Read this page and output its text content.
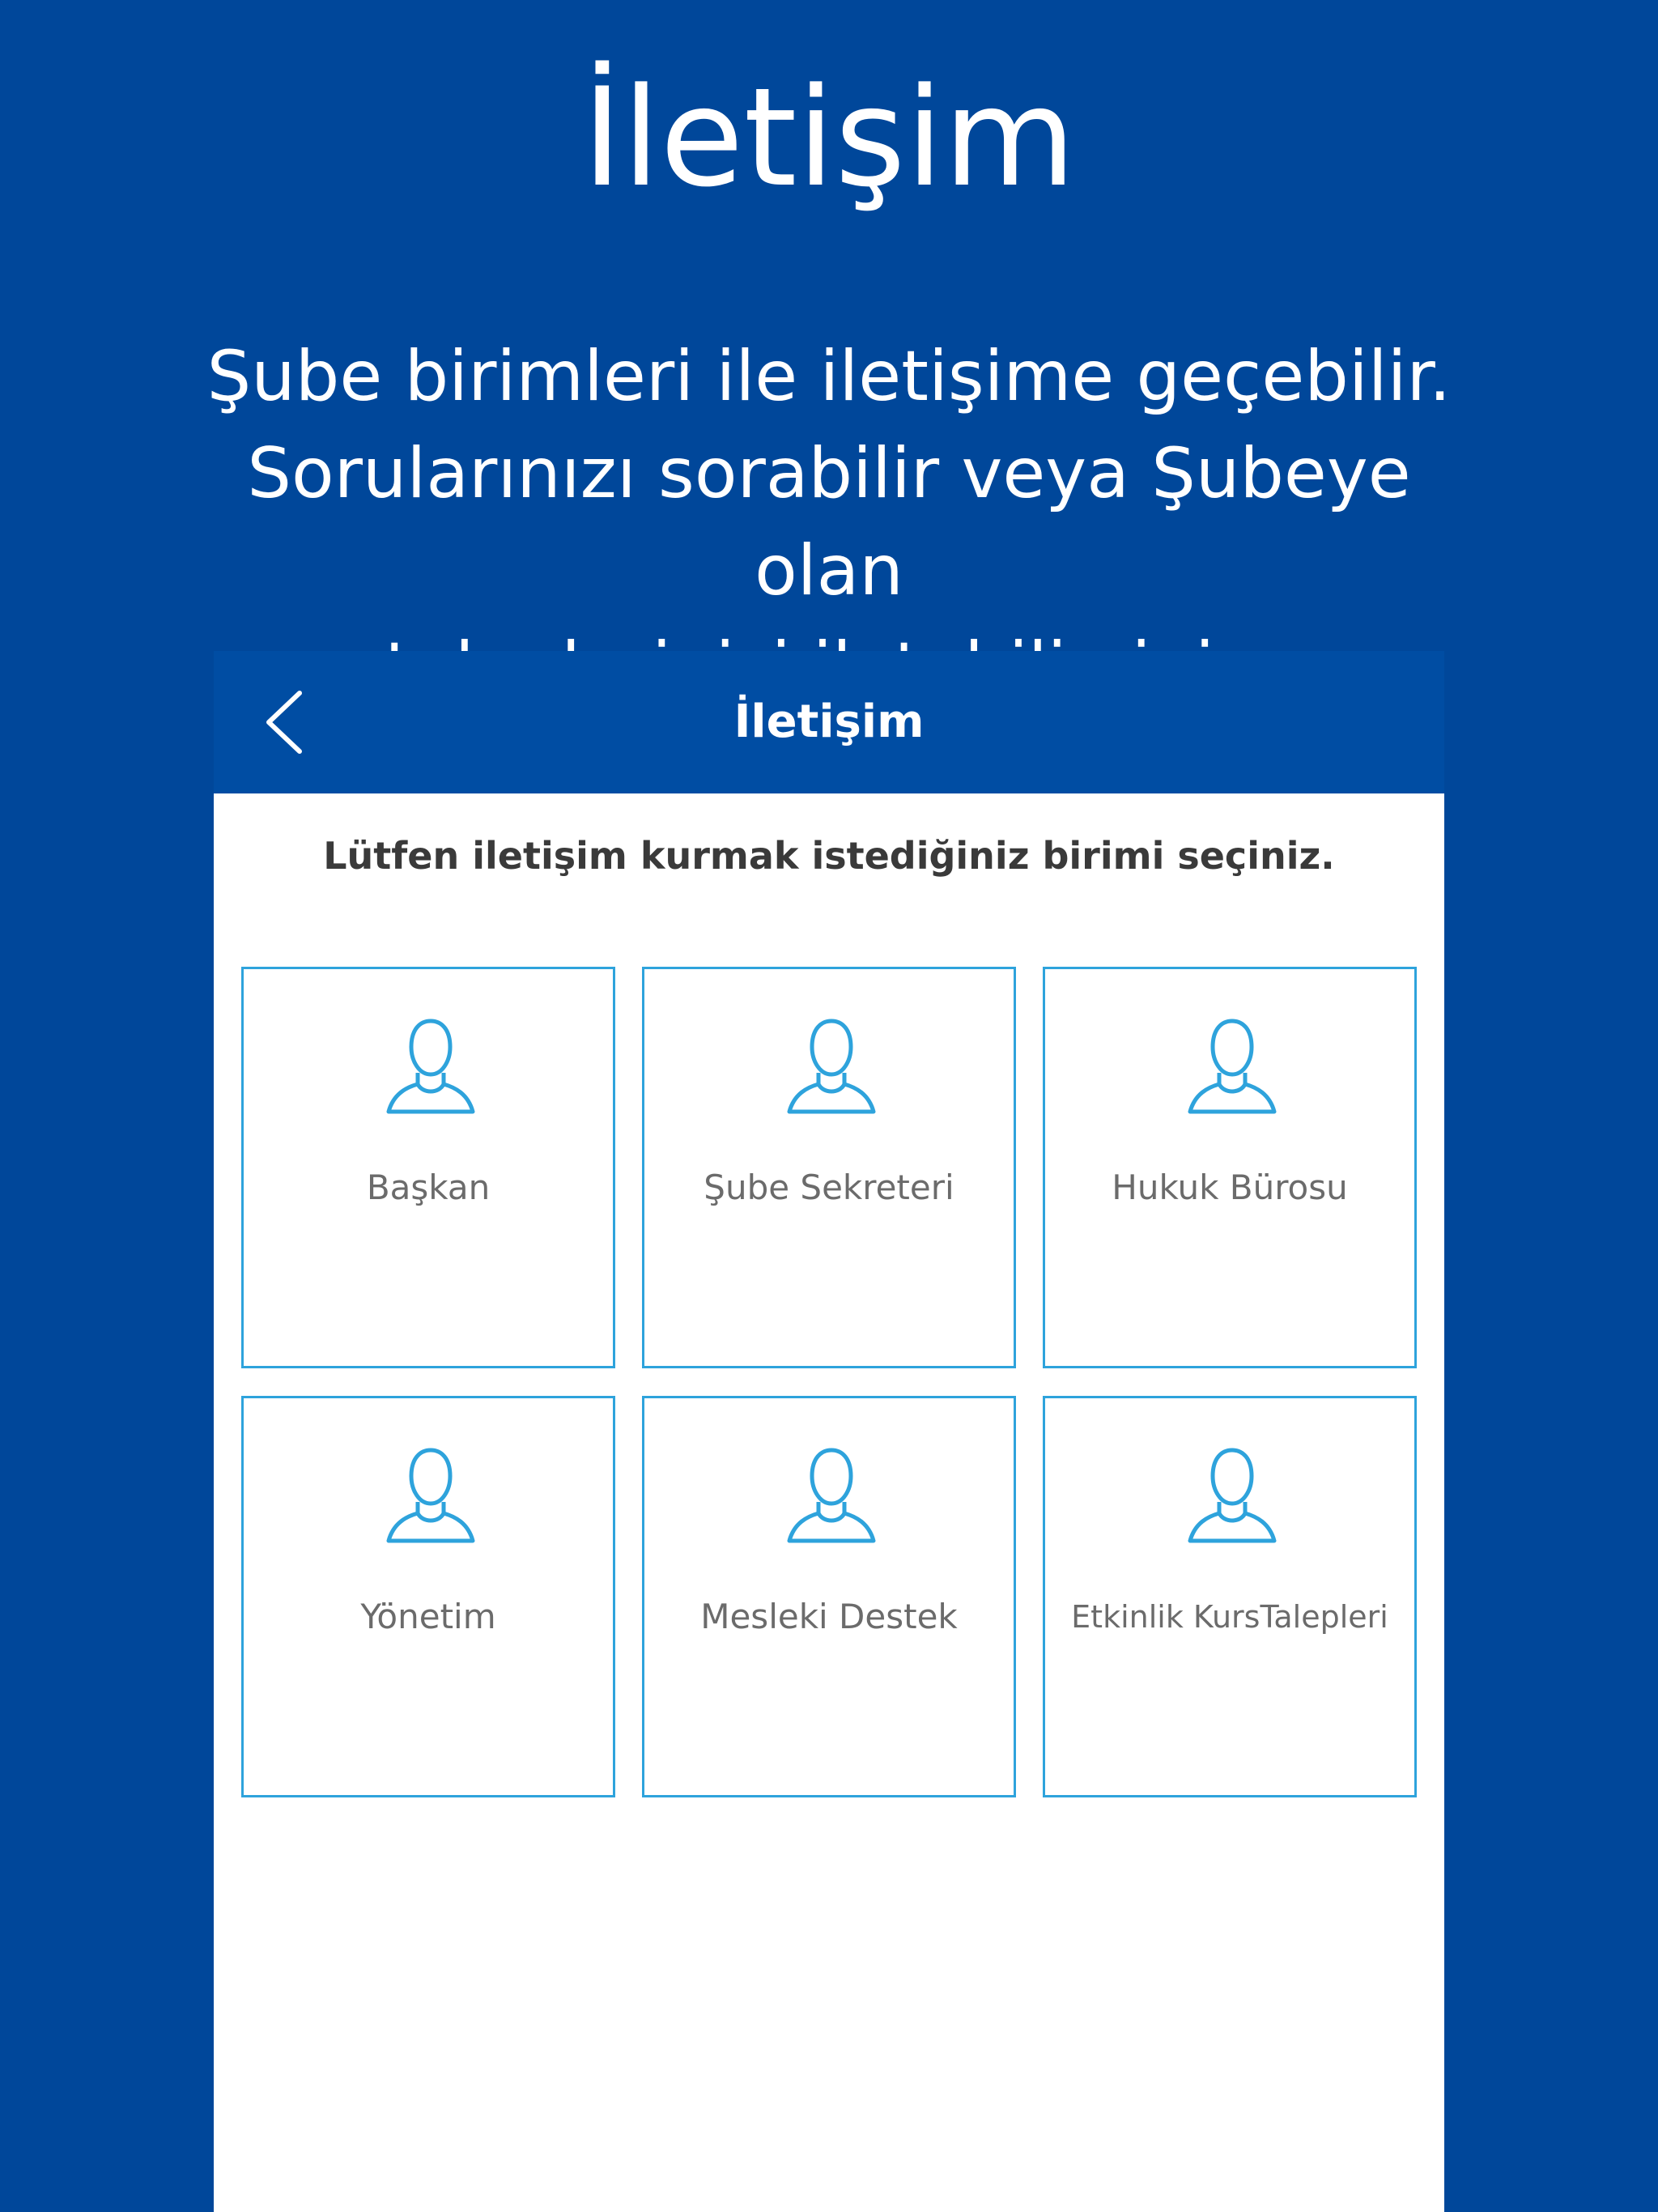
İletişim

Şube birimleri ile iletişime geçebilir.
Sorularınızı sorabilir veya Şubeye olan

İletişim
Lütfen iletişim kurmak istediğiniz birimi seçiniz.
Başkan	Şube Sekreteri	Hukuk Bürosu
Yönetim	Mesleki Destek	Etkinlik KursTalepleri
